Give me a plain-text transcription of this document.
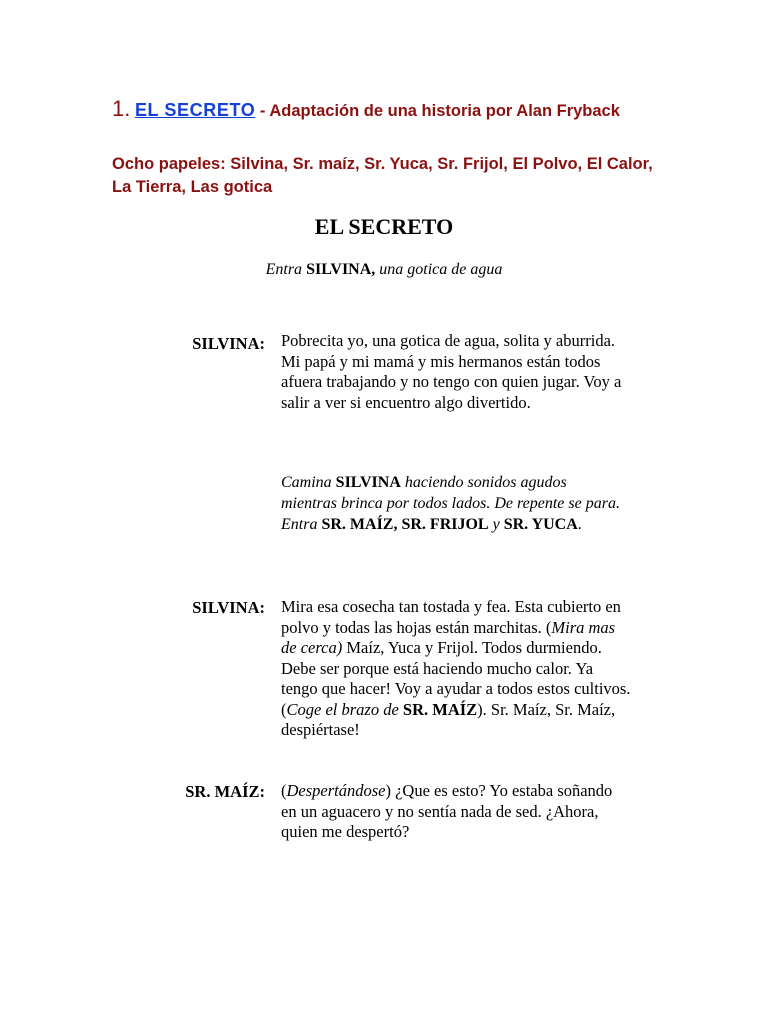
1. EL SECRETO - Adaptación de una historia por Alan Fryback
Ocho papeles: Silvina, Sr. maíz, Sr. Yuca, Sr. Frijol, El Polvo, El Calor, La Tierra, Las gotica
EL SECRETO
Entra SILVINA, una gotica de agua
SILVINA: Pobrecita yo, una gotica de agua, solita y aburrida. Mi papá y mi mamá y mis hermanos están todos afuera trabajando y no tengo con quien jugar. Voy a salir a ver si encuentro algo divertido.
Camina SILVINA haciendo sonidos agudos mientras brinca por todos lados. De repente se para. Entra SR. MAÍZ, SR. FRIJOL y SR. YUCA.
SILVINA: Mira esa cosecha tan tostada y fea. Esta cubierto en polvo y todas las hojas están marchitas. (Mira mas de cerca) Maíz, Yuca y Frijol. Todos durmiendo. Debe ser porque está haciendo mucho calor. Ya tengo que hacer! Voy a ayudar a todos estos cultivos. (Coge el brazo de SR. MAÍZ). Sr. Maíz, Sr. Maíz, despiértase!
SR. MAÍZ: (Despertándose) ¿Que es esto? Yo estaba soñando en un aguacero y no sentía nada de sed. ¿Ahora, quien me despertó?
